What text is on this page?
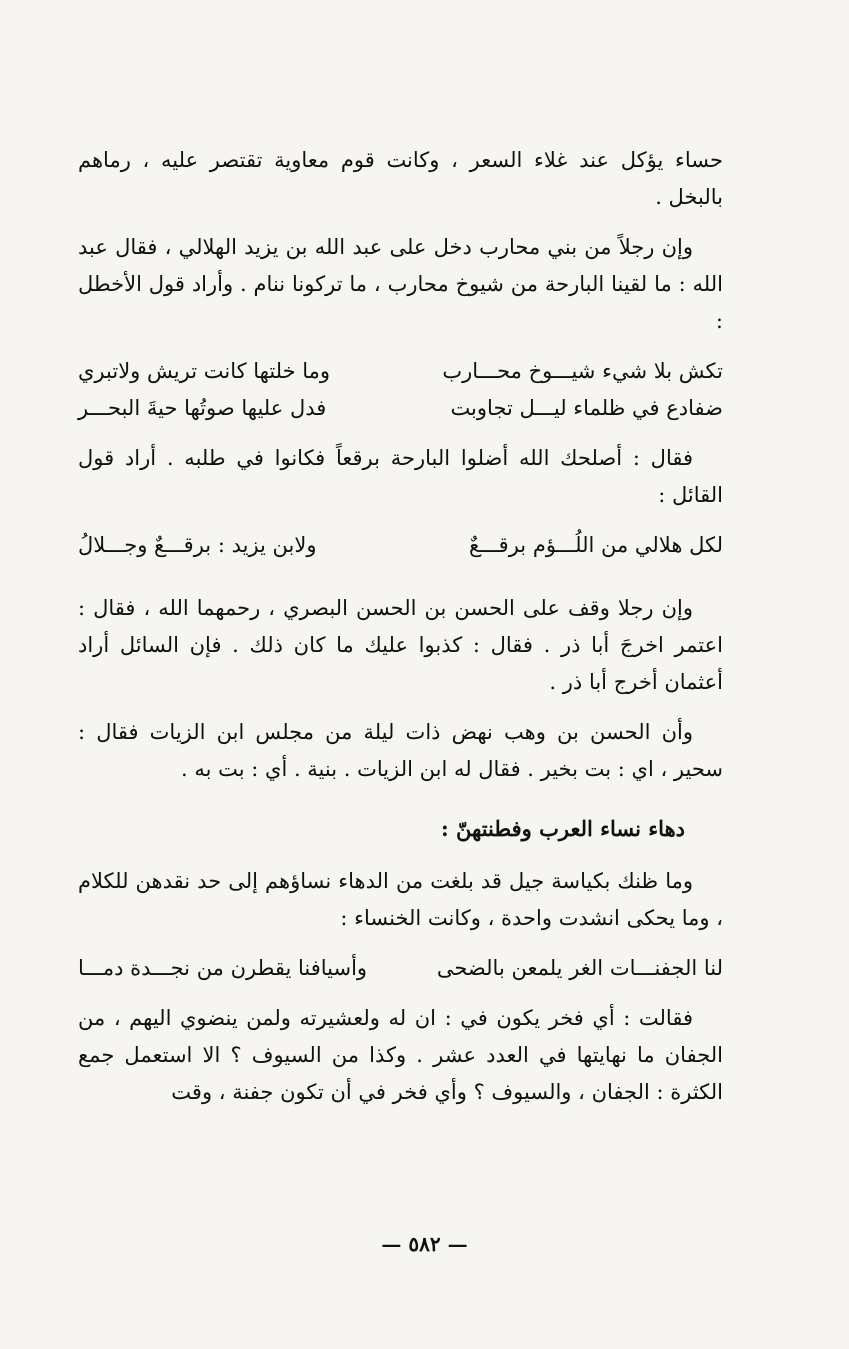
حساء يؤكل عند غلاء السعر ، وكانت قوم معاوية تقتصر عليه ، رماهم بالبخل .

وإن رجلاً من بني محارب دخل على عبد الله بن يزيد الهلالي ، فقال عبد الله : ما لقينا البارحة من شيوخ محارب ، ما تركونا ننام . وأراد قول الأخطل :

تكش بلا شيء شيـــوخ محـــارب
وما خلتها كانت تريش ولاتبري
ضفادع في ظلماء ليـــل تجاوبت
فدل عليها صوتُها حيةَ البحـــر

فقال : أصلحك الله أضلوا البارحة برقعاً فكانوا في طلبه . أراد قول القائل :

لكل هلالي من اللُـــؤم برقـــعٌ
ولابن يزيد : برقـــعٌ وجـــلالُ

وإن رجلا وقف على الحسن بن الحسن البصري ، رحمهما الله ، فقال : اعتمر اخرجَ أبا ذر . فقال : كذبوا عليك ما كان ذلك . فإن السائل أراد أعثمان أخرج أبا ذر .

وأن الحسن بن وهب نهض ذات ليلة من مجلس ابن الزيات فقال : سحير ، اي : بت بخير . فقال له ابن الزيات . بنية . أي : بت به .

دهاء نساء العرب وفطنتهنّ :

وما ظنك بكياسة جيل قد بلغت من الدهاء نساؤهم إلى حد نقدهن للكلام ، وما يحكى انشدت واحدة ، وكانت الخنساء :

لنا الجفنـــات الغر يلمعن بالضحى
وأسيافنا يقطرن من نجـــدة دمـــا

فقالت : أي فخر يكون في : ان له ولعشيرته ولمن ينضوي اليهم ، من الجفان ما نهايتها في العدد عشر . وكذا من السيوف ؟ الا استعمل جمع الكثرة : الجفان ، والسيوف ؟ وأي فخر في أن تكون جفنة ، وقت

— ٥٨٢ —
